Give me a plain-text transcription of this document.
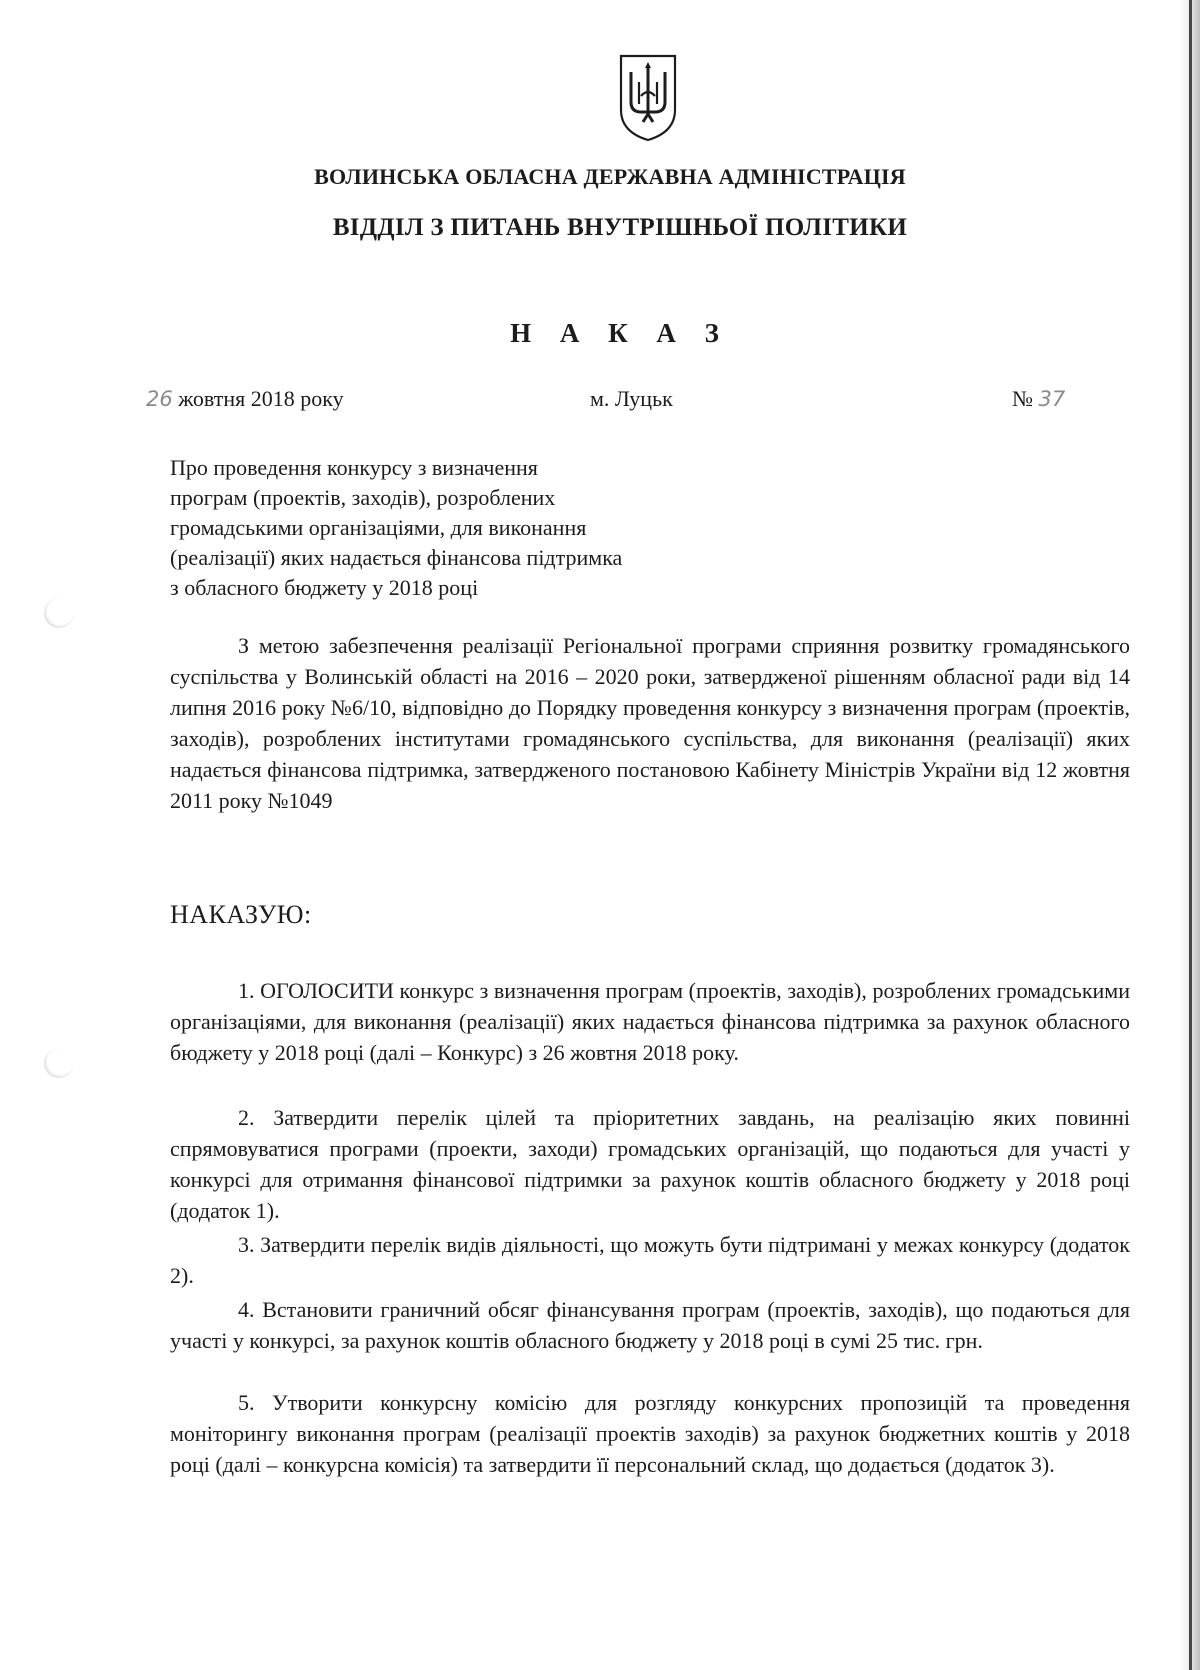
ВОЛИНСЬКА ОБЛАСНА ДЕРЖАВНА АДМІНІСТРАЦІЯ
ВІДДІЛ З ПИТАНЬ ВНУТРІШНЬОЇ ПОЛІТИКИ
Н А К А З
26 жовтня 2018 року	м. Луцьк	№ 37
Про проведення конкурсу з визначення
програм (проектів, заходів), розроблених
громадськими організаціями, для виконання
(реалізації) яких надається фінансова підтримка
з обласного бюджету у 2018 році
З метою забезпечення реалізації Регіональної програми сприяння розвитку громадянського суспільства у Волинській області на 2016 – 2020 роки, затвердженої рішенням обласної ради від 14 липня 2016 року №6/10, відповідно до Порядку проведення конкурсу з визначення програм (проектів, заходів), розроблених інститутами громадянського суспільства, для виконання (реалізації) яких надається фінансова підтримка, затвердженого постановою Кабінету Міністрів України від 12 жовтня 2011 року №1049
НАКАЗУЮ:
1. ОГОЛОСИТИ конкурс з визначення програм (проектів, заходів), розроблених громадськими організаціями, для виконання (реалізації) яких надається фінансова підтримка за рахунок обласного бюджету у 2018 році (далі – Конкурс) з 26 жовтня 2018 року.
2. Затвердити перелік цілей та пріоритетних завдань, на реалізацію яких повинні спрямовуватися програми (проекти, заходи) громадських організацій, що подаються для участі у конкурсі для отримання фінансової підтримки за рахунок коштів обласного бюджету у 2018 році (додаток 1).
3. Затвердити перелік видів діяльності, що можуть бути підтримані у межах конкурсу (додаток 2).
4. Встановити граничний обсяг фінансування програм (проектів, заходів), що подаються для участі у конкурсі, за рахунок коштів обласного бюджету у 2018 році в сумі 25 тис. грн.
5. Утворити конкурсну комісію для розгляду конкурсних пропозицій та проведення моніторингу виконання програм (реалізації проектів заходів) за рахунок бюджетних коштів у 2018 році (далі – конкурсна комісія) та затвердити її персональний склад, що додається (додаток 3).
